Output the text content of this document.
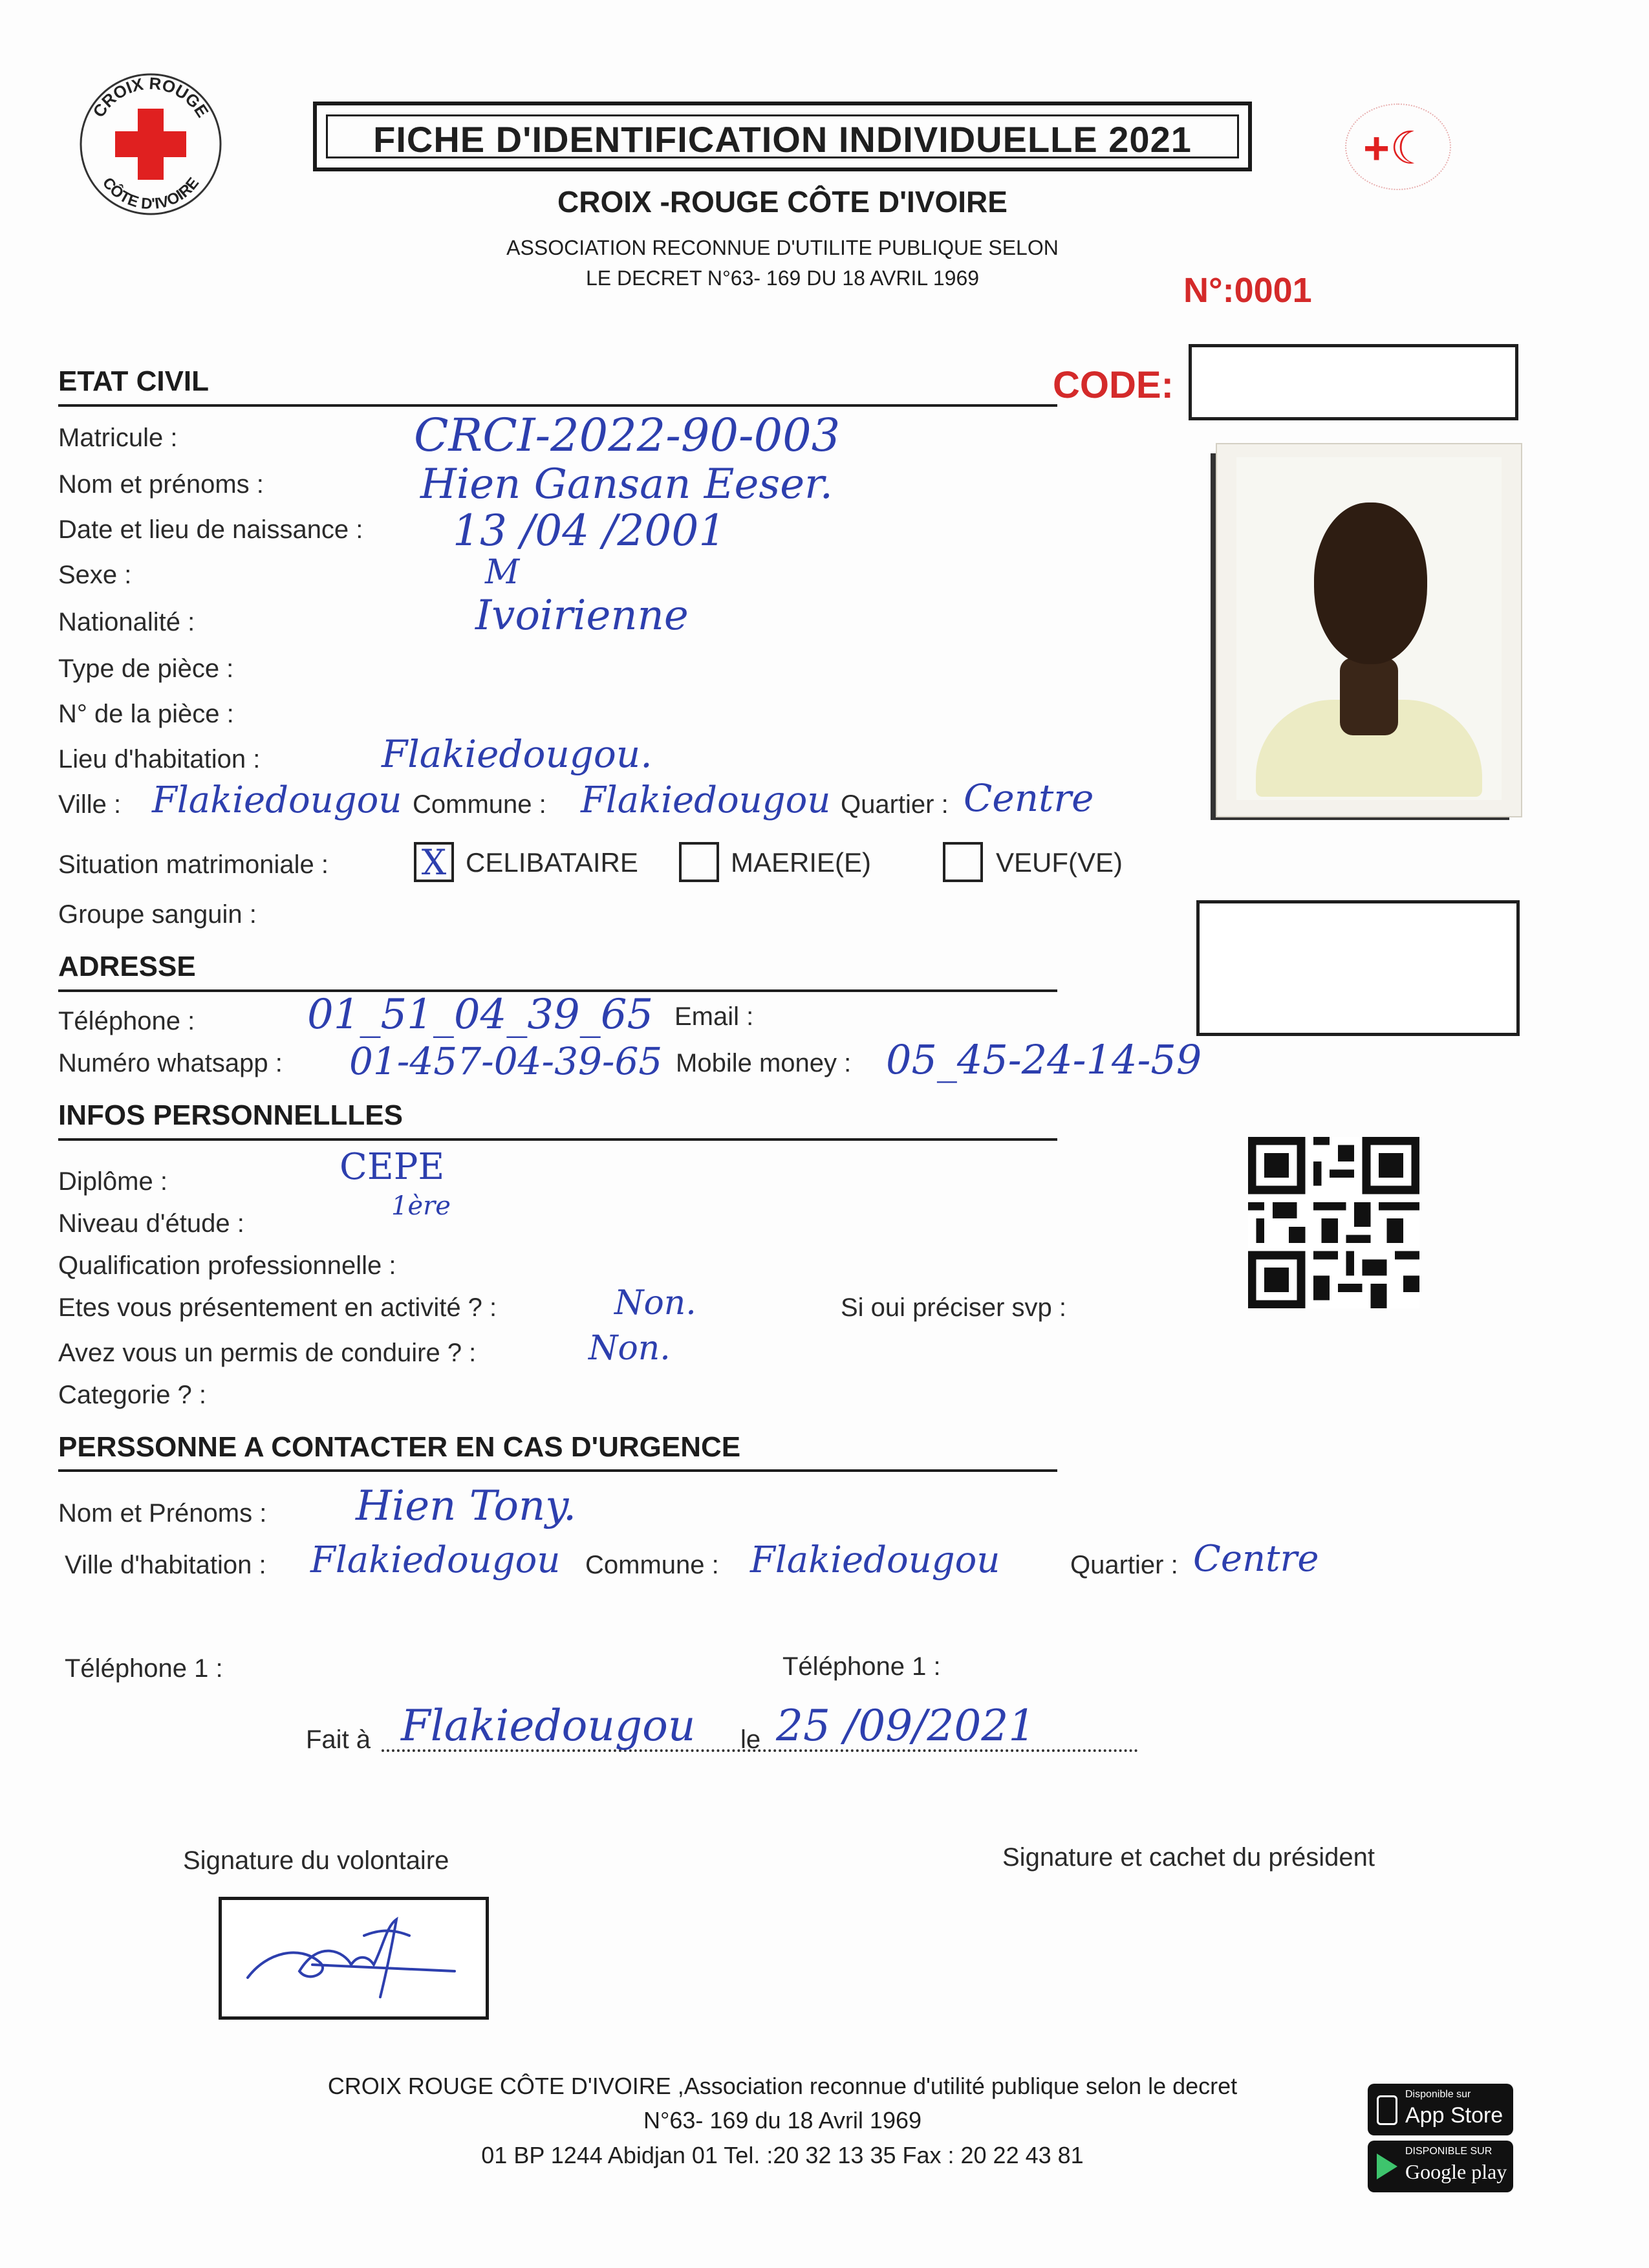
CROIX ROUGE
CÔTE D'IVOIRE
FICHE D'IDENTIFICATION INDIVIDUELLE 2021	+☾
CROIX -ROUGE CÔTE D'IVOIRE
ASSOCIATION RECONNUE D'UTILITE PUBLIQUE SELON
LE DECRET N°63- 169 DU 18 AVRIL 1969	N°:0001
ETAT CIVIL	CODE:
Matricule :	CRCI-2022-90-003
Nom et prénoms :	Hien Gansan Eeser.
Date et lieu de naissance : 13 /04 /2001
Sexe :	M
Nationalité :	Ivoirienne
Type de pièce :
N° de la pièce :
Lieu d'habitation :	Flakiedougou.
Ville : Flakiedougou Commune : Flakiedougou Quartier : Centre
Situation matrimoniale :	X CELIBATAIRE	MAERIE(E)	VEUF(VE)
Groupe sanguin :
ADRESSE
Téléphone :	01_51_04_39_65 Email :
Numéro whatsapp : 01-457-04-39-65 Mobile money : 05_45-24-14-59
INFOS PERSONNELLLES
Diplôme :	CEPE
Niveau d'étude :
1ère
Qualification professionnelle :
Etes vous présentement en activité ? :	Non.	Si oui préciser svp :
Avez vous un permis de conduire ? :	Non.
Categorie ? :
PERSSONNE A CONTACTER EN CAS D'URGENCE
Nom et Prénoms : Hien Tony.
Ville d'habitation : Flakiedougou Commune : Flakiedougou	Quartier : Centre
Téléphone 1 :	Téléphone 1 :
Fait à Flakiedougou le 25 /09/2021
Signature du volontaire	Signature et cachet du président
CROIX ROUGE CÔTE D'IVOIRE ,Association reconnue d'utilité publique selon le decret
N°63- 169 du 18 Avril 1969
01 BP 1244 Abidjan 01 Tel. :20 32 13 35 Fax : 20 22 43 81
Disponible sur
App Store
DISPONIBLE SUR
Google play
